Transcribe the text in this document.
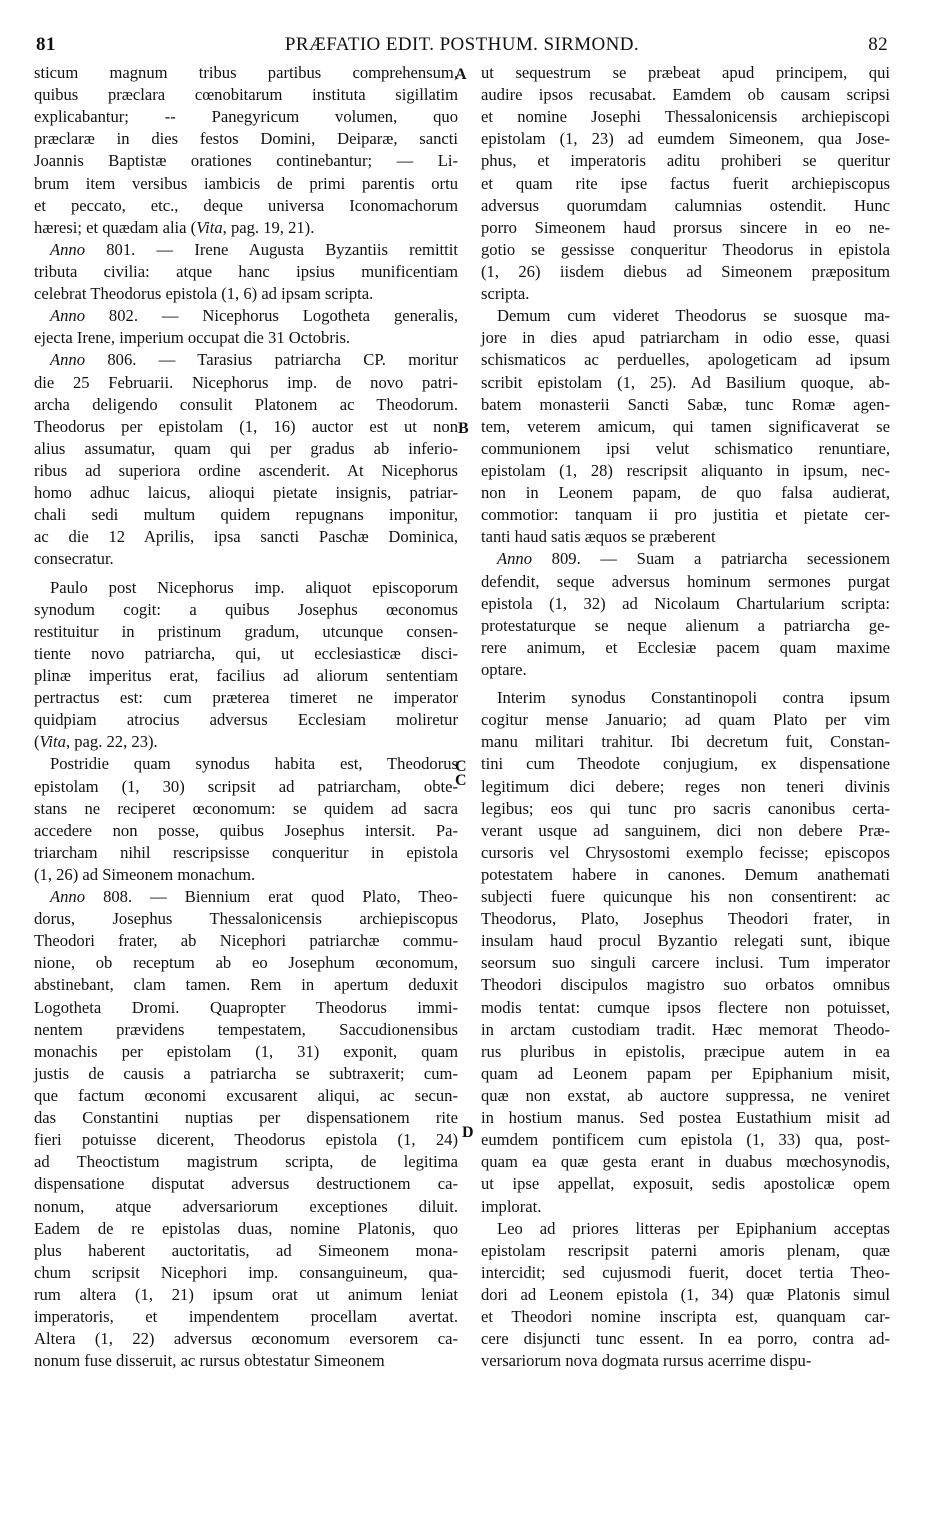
81	PRÆFATIO EDIT. POSTHUM. SIRMOND.	82
A
B
C
C
D
sticum magnum tribus partibus comprehensum,
quibus præclara cœnobitarum instituta sigillatim
explicabantur; -- Panegyricum volumen, quo
præclaræ in dies festos Domini, Deiparæ, sancti
Joannis Baptistæ orationes continebantur; — Li-
brum item versibus iambicis de primi parentis ortu
et peccato, etc., deque universa Iconomachorum
hæresi; et quædam alia (Vita, pag. 19, 21).
Anno 801. — Irene Augusta Byzantiis remittit
tributa civilia: atque hanc ipsius munificentiam
celebrat Theodorus epistola (1, 6) ad ipsam scripta.
Anno 802. — Nicephorus Logotheta generalis,
ejecta Irene, imperium occupat die 31 Octobris.
Anno 806. — Tarasius patriarcha CP. moritur
die 25 Februarii. Nicephorus imp. de novo patri-
archa deligendo consulit Platonem ac Theodorum.
Theodorus per epistolam (1, 16) auctor est ut non
alius assumatur, quam qui per gradus ab inferio-
ribus ad superiora ordine ascenderit. At Nicephorus
homo adhuc laicus, alioqui pietate insignis, patriar-
chali sedi multum quidem repugnans imponitur,
ac die 12 Aprilis, ipsa sancti Paschæ Dominica,
consecratur.
Paulo post Nicephorus imp. aliquot episcoporum
synodum cogit: a quibus Josephus œconomus
restituitur in pristinum gradum, utcunque consen-
tiente novo patriarcha, qui, ut ecclesiasticæ disci-
plinæ imperitus erat, facilius ad aliorum sententiam
pertractus est: cum præterea timeret ne imperator
quidpiam atrocius adversus Ecclesiam moliretur
(Vita, pag. 22, 23).
Postridie quam synodus habita est, Theodorus
epistolam (1, 30) scripsit ad patriarcham, obte-
stans ne reciperet œconomum: se quidem ad sacra
accedere non posse, quibus Josephus intersit. Pa-
triarcham nihil rescripsisse conqueritur in epistola
(1, 26) ad Simeonem monachum.
Anno 808. — Biennium erat quod Plato, Theo-
dorus, Josephus Thessalonicensis archiepiscopus
Theodori frater, ab Nicephori patriarchæ commu-
nione, ob receptum ab eo Josephum œconomum,
abstinebant, clam tamen. Rem in apertum deduxit
Logotheta Dromi. Quapropter Theodorus immi-
nentem prævidens tempestatem, Saccudionensibus
monachis per epistolam (1, 31) exponit, quam
justis de causis a patriarcha se subtraxerit; cum-
que factum œconomi excusarent aliqui, ac secun-
das Constantini nuptias per dispensationem rite
fieri potuisse dicerent, Theodorus epistola (1, 24)
ad Theoctistum magistrum scripta, de legitima
dispensatione disputat adversus destructionem ca-
nonum, atque adversariorum exceptiones diluit.
Eadem de re epistolas duas, nomine Platonis, quo
plus haberent auctoritatis, ad Simeonem mona-
chum scripsit Nicephori imp. consanguineum, qua-
rum altera (1, 21) ipsum orat ut animum leniat
imperatoris, et impendentem procellam avertat.
Altera (1, 22) adversus œconomum eversorem ca-
nonum fuse disseruit, ac rursus obtestatur Simeonem
ut sequestrum se præbeat apud principem, qui
audire ipsos recusabat. Eamdem ob causam scripsi
et nomine Josephi Thessalonicensis archiepiscopi
epistolam (1, 23) ad eumdem Simeonem, qua Jose-
phus, et imperatoris aditu prohiberi se queritur
et quam rite ipse factus fuerit archiepiscopus
adversus quorumdam calumnias ostendit. Hunc
porro Simeonem haud prorsus sincere in eo ne-
gotio se gessisse conqueritur Theodorus in epistola
(1, 26) iisdem diebus ad Simeonem præpositum
scripta.
Demum cum videret Theodorus se suosque ma-
jore in dies apud patriarcham in odio esse, quasi
schismaticos ac perduelles, apologeticam ad ipsum
scribit epistolam (1, 25). Ad Basilium quoque, ab-
batem monasterii Sancti Sabæ, tunc Romæ agen-
tem, veterem amicum, qui tamen significaverat se
communionem ipsi velut schismatico renuntiare,
epistolam (1, 28) rescripsit aliquanto in ipsum, nec-
non in Leonem papam, de quo falsa audierat,
commotior: tanquam ii pro justitia et pietate cer-
tanti haud satis æquos se præberent
Anno 809. — Suam a patriarcha secessionem
defendit, seque adversus hominum sermones purgat
epistola (1, 32) ad Nicolaum Chartularium scripta:
protestaturque se neque alienum a patriarcha ge-
rere animum, et Ecclesiæ pacem quam maxime
optare.
Interim synodus Constantinopoli contra ipsum
cogitur mense Januario; ad quam Plato per vim
manu militari trahitur. Ibi decretum fuit, Constan-
tini cum Theodote conjugium, ex dispensatione
legitimum dici debere; reges non teneri divinis
legibus; eos qui tunc pro sacris canonibus certa-
verant usque ad sanguinem, dici non debere Præ-
cursoris vel Chrysostomi exemplo fecisse; episcopos
potestatem habere in canones. Demum anathemati
subjecti fuere quicunque his non consentirent: ac
Theodorus, Plato, Josephus Theodori frater, in
insulam haud procul Byzantio relegati sunt, ibique
seorsum suo singuli carcere inclusi. Tum imperator
Theodori discipulos magistro suo orbatos omnibus
modis tentat: cumque ipsos flectere non potuisset,
in arctam custodiam tradit. Hæc memorat Theodo-
rus pluribus in epistolis, præcipue autem in ea
quam ad Leonem papam per Epiphanium misit,
quæ non exstat, ab auctore suppressa, ne veniret
in hostium manus. Sed postea Eustathium misit ad
eumdem pontificem cum epistola (1, 33) qua, post-
quam ea quæ gesta erant in duabus mœchosynodis,
ut ipse appellat, exposuit, sedis apostolicæ opem
implorat.
Leo ad priores litteras per Epiphanium acceptas
epistolam rescripsit paterni amoris plenam, quæ
intercidit; sed cujusmodi fuerit, docet tertia Theo-
dori ad Leonem epistola (1, 34) quæ Platonis simul
et Theodori nomine inscripta est, quanquam car-
cere disjuncti tunc essent. In ea porro, contra ad-
versariorum nova dogmata rursus acerrime dispu-
